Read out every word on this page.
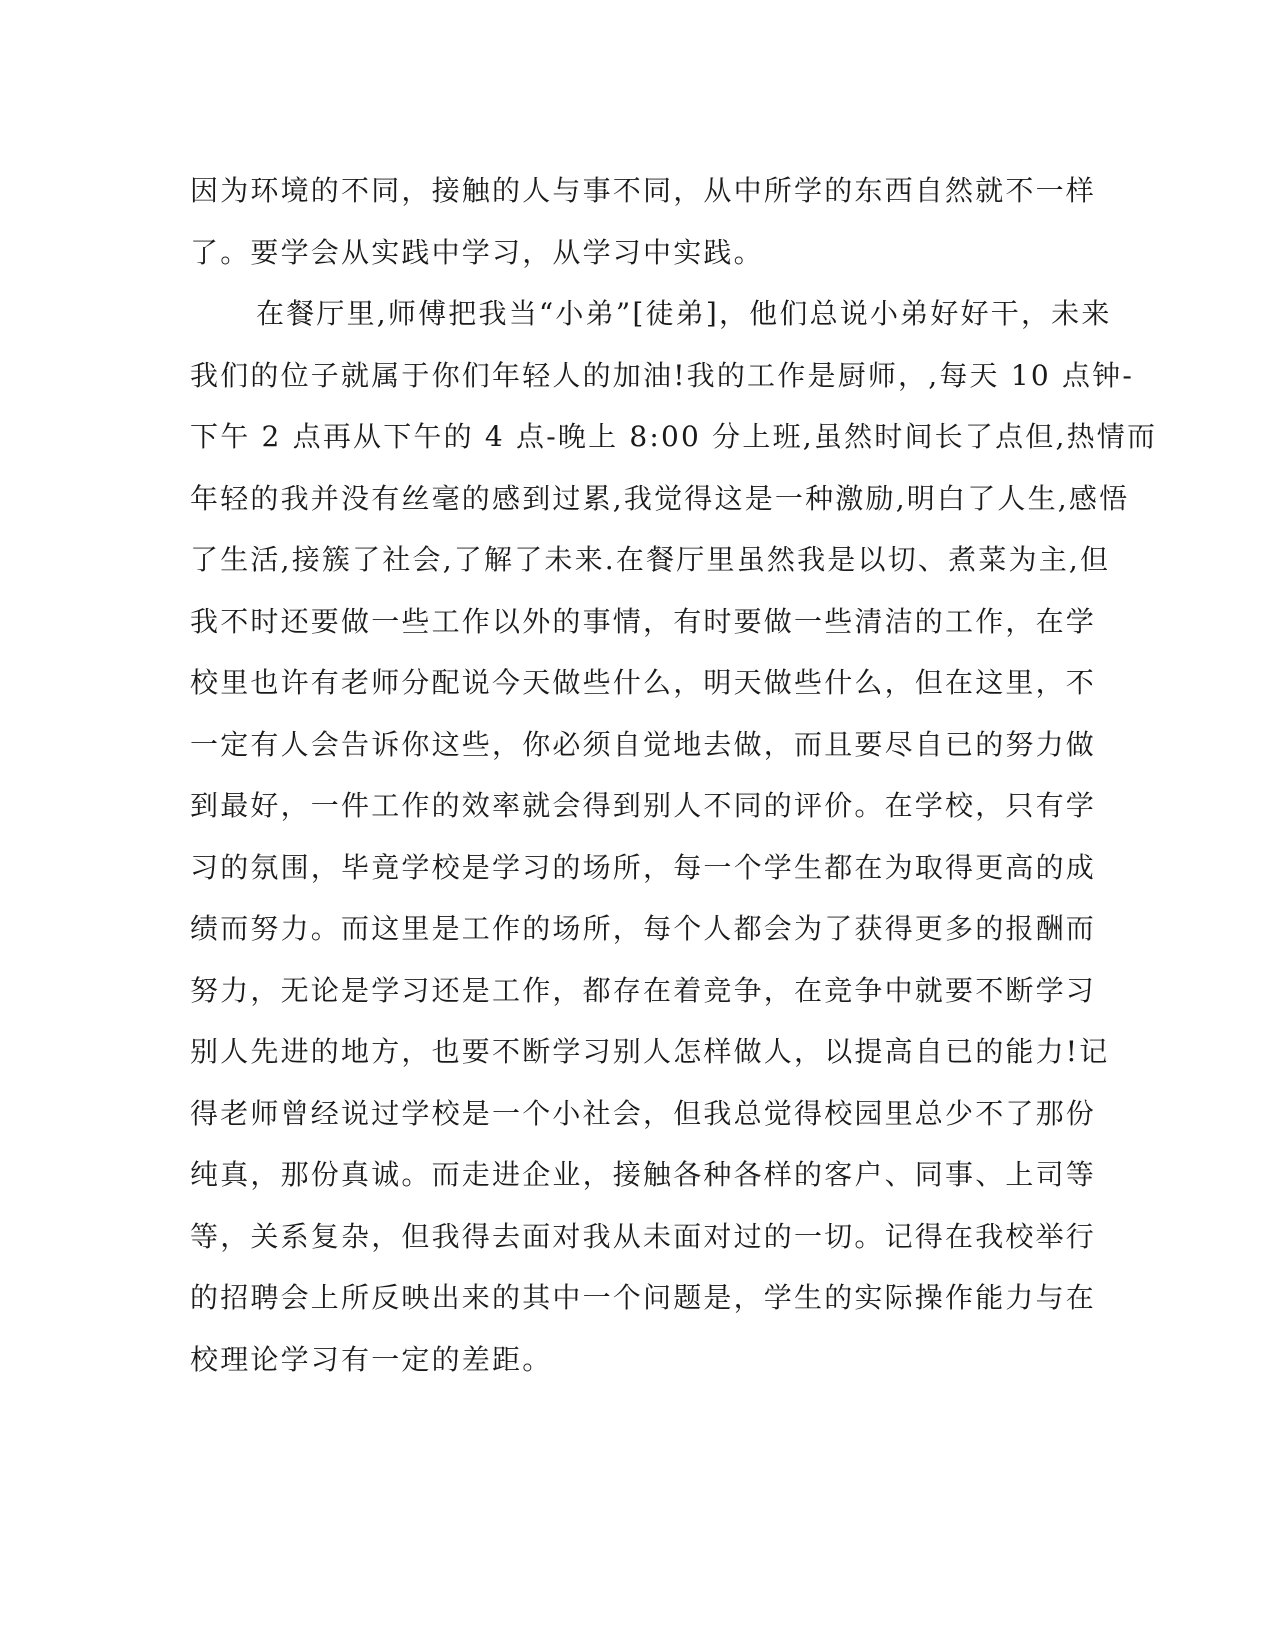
因为环境的不同，接触的人与事不同，从中所学的东西自然就不一样
了。要学会从实践中学习，从学习中实践。
在餐厅里,师傅把我当“小弟”[徒弟]，他们总说小弟好好干，未来
我们的位子就属于你们年轻人的加油!我的工作是厨师，,每天 10 点钟-
下午 2 点再从下午的 4 点-晚上 8:00 分上班,虽然时间长了点但,热情而
年轻的我并没有丝毫的感到过累,我觉得这是一种激励,明白了人生,感悟
了生活,接簇了社会,了解了未来.在餐厅里虽然我是以切、煮菜为主,但
我不时还要做一些工作以外的事情，有时要做一些清洁的工作，在学
校里也许有老师分配说今天做些什么，明天做些什么，但在这里，不
一定有人会告诉你这些，你必须自觉地去做，而且要尽自已的努力做
到最好，一件工作的效率就会得到别人不同的评价。在学校，只有学
习的氛围，毕竟学校是学习的场所，每一个学生都在为取得更高的成
绩而努力。而这里是工作的场所，每个人都会为了获得更多的报酬而
努力，无论是学习还是工作，都存在着竞争，在竞争中就要不断学习
别人先进的地方，也要不断学习别人怎样做人，以提高自已的能力!记
得老师曾经说过学校是一个小社会，但我总觉得校园里总少不了那份
纯真，那份真诚。而走进企业，接触各种各样的客户、同事、上司等
等，关系复杂，但我得去面对我从未面对过的一切。记得在我校举行
的招聘会上所反映出来的其中一个问题是，学生的实际操作能力与在
校理论学习有一定的差距。
